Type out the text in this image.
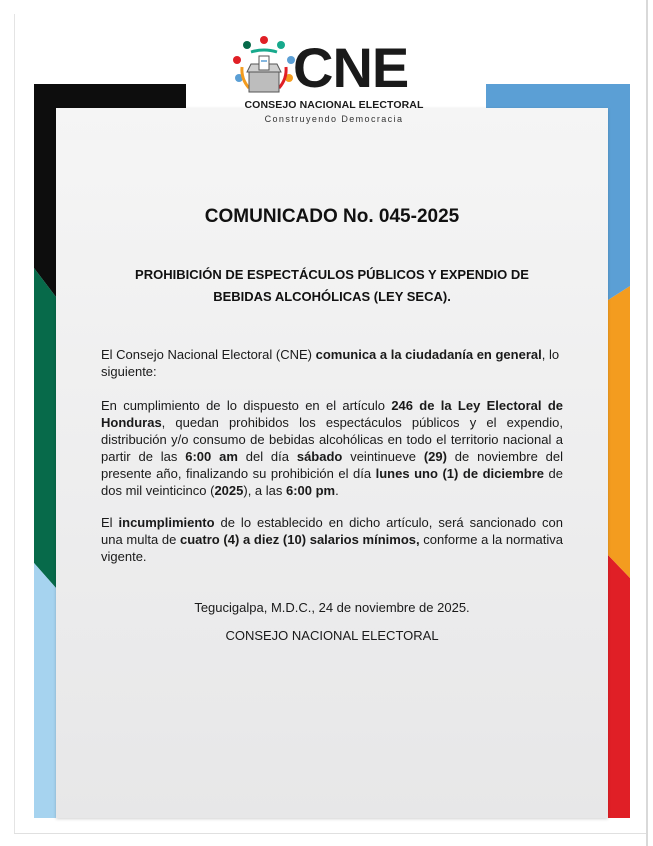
CNE
CONSEJO NACIONAL ELECTORAL
Construyendo Democracia
COMUNICADO No. 045-2025
PROHIBICIÓN DE ESPECTÁCULOS PÚBLICOS Y EXPENDIO DE
BEBIDAS ALCOHÓLICAS (LEY SECA).
El Consejo Nacional Electoral (CNE) comunica a la ciudadanía en general, lo siguiente:
En cumplimiento de lo dispuesto en el artículo 246 de la Ley Electoral de Honduras, quedan prohibidos los espectáculos públicos y el expendio, distribución y/o consumo de bebidas alcohólicas en todo el territorio nacional a partir de las 6:00 am del día sábado veintinueve (29) de noviembre del presente año, finalizando su prohibición el día lunes uno (1) de diciembre de dos mil veinticinco (2025), a las 6:00 pm.
El incumplimiento de lo establecido en dicho artículo, será sancionado con una multa de cuatro (4) a diez (10) salarios mínimos, conforme a la normativa vigente.
Tegucigalpa, M.D.C., 24 de noviembre de 2025.
CONSEJO NACIONAL ELECTORAL
